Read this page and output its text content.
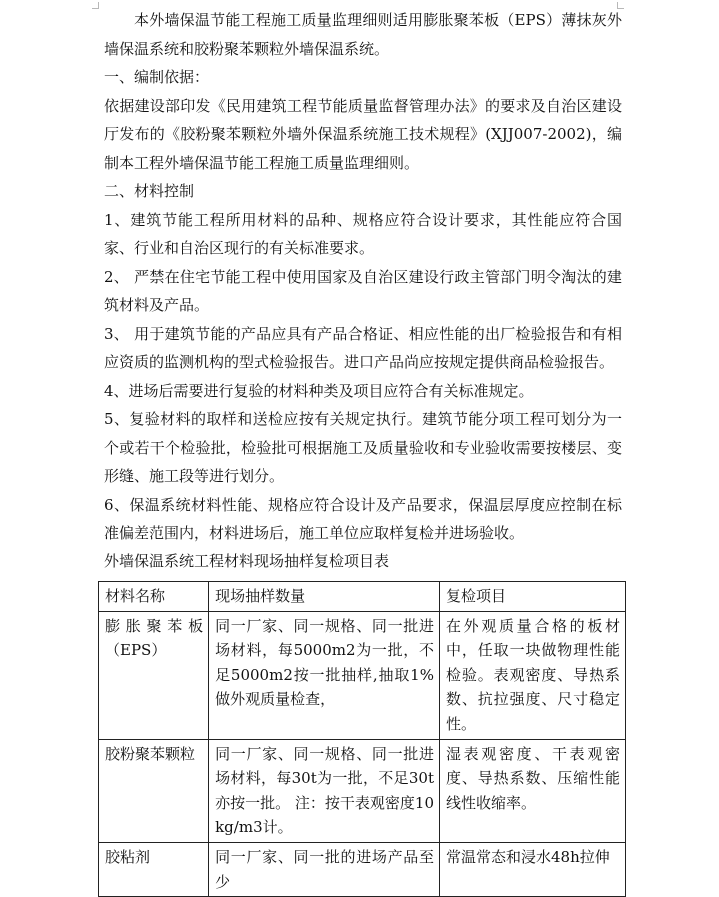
本外墙保温节能工程施工质量监理细则适用膨胀聚苯板（EPS）薄抹灰外墙保温系统和胶粉聚苯颗粒外墙保温系统。

一、编制依据：

依据建设部印发《民用建筑工程节能质量监督管理办法》的要求及自治区建设厅发布的《胶粉聚苯颗粒外墙外保温系统施工技术规程》(XJJ007-2002)，编制本工程外墙保温节能工程施工质量监理细则。

二、材料控制

1、建筑节能工程所用材料的品种、规格应符合设计要求，其性能应符合国家、行业和自治区现行的有关标准要求。

2、 严禁在住宅节能工程中使用国家及自治区建设行政主管部门明令淘汰的建筑材料及产品。

3、 用于建筑节能的产品应具有产品合格证、相应性能的出厂检验报告和有相应资质的监测机构的型式检验报告。进口产品尚应按规定提供商品检验报告。

4、进场后需要进行复验的材料种类及项目应符合有关标准规定。

5、复验材料的取样和送检应按有关规定执行。建筑节能分项工程可划分为一个或若干个检验批，检验批可根据施工及质量验收和专业验收需要按楼层、变形缝、施工段等进行划分。

6、保温系统材料性能、规格应符合设计及产品要求，保温层厚度应控制在标准偏差范围内，材料进场后，施工单位应取样复检并进场验收。

外墙保温系统工程材料现场抽样复检项目表

材料名称	现场抽样数量	复检项目
膨胀聚苯板（EPS）	同一厂家、同一规格、同一批进场材料，每5000m2为一批，不足5000m2按一批抽样,抽取1%做外观质量检查，	在外观质量合格的板材中，任取一块做物理性能检验。表观密度、导热系数、抗拉强度、尺寸稳定性。
胶粉聚苯颗粒	同一厂家、同一规格、同一批进场材料，每30t为一批，不足30t亦按一批。 注：按干表观密度10kg/m3计。	湿表观密度、干表观密度、导热系数、压缩性能线性收缩率。
胶粘剂	同一厂家、同一批的进场产品至少	常温常态和浸水48h拉伸
